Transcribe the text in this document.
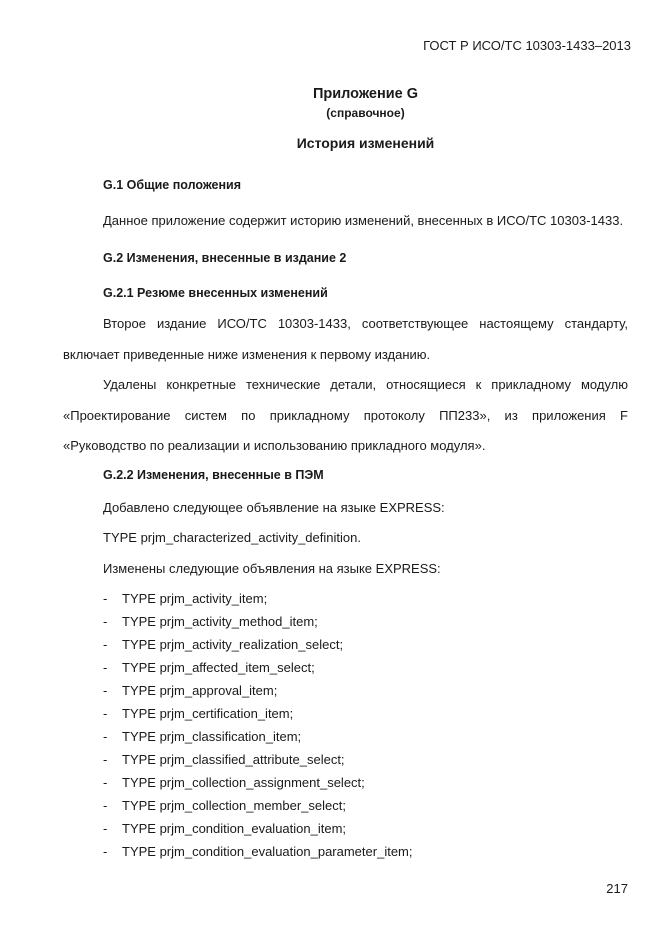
ГОСТ Р ИСО/ТС 10303-1433–2013
Приложение G
(справочное)
История изменений
G.1 Общие положения
Данное приложение содержит историю изменений, внесенных в ИСО/ТС 10303-1433.
G.2 Изменения, внесенные в издание 2
G.2.1 Резюме внесенных изменений
Второе издание ИСО/ТС 10303-1433, соответствующее настоящему стандарту,
включает приведенные ниже изменения к первому изданию.
Удалены конкретные технические детали, относящиеся к прикладному модулю
«Проектирование систем по прикладному протоколу ПП233», из приложения F
«Руководство по реализации и использованию прикладного модуля».
G.2.2 Изменения, внесенные в ПЭМ
Добавлено следующее объявление на языке EXPRESS:
TYPE prjm_characterized_activity_definition.
Изменены следующие объявления на языке EXPRESS:
- TYPE prjm_activity_item;
- TYPE prjm_activity_method_item;
- TYPE prjm_activity_realization_select;
- TYPE prjm_affected_item_select;
- TYPE prjm_approval_item;
- TYPE prjm_certification_item;
- TYPE prjm_classification_item;
- TYPE prjm_classified_attribute_select;
- TYPE prjm_collection_assignment_select;
- TYPE prjm_collection_member_select;
- TYPE prjm_condition_evaluation_item;
- TYPE prjm_condition_evaluation_parameter_item;
217
